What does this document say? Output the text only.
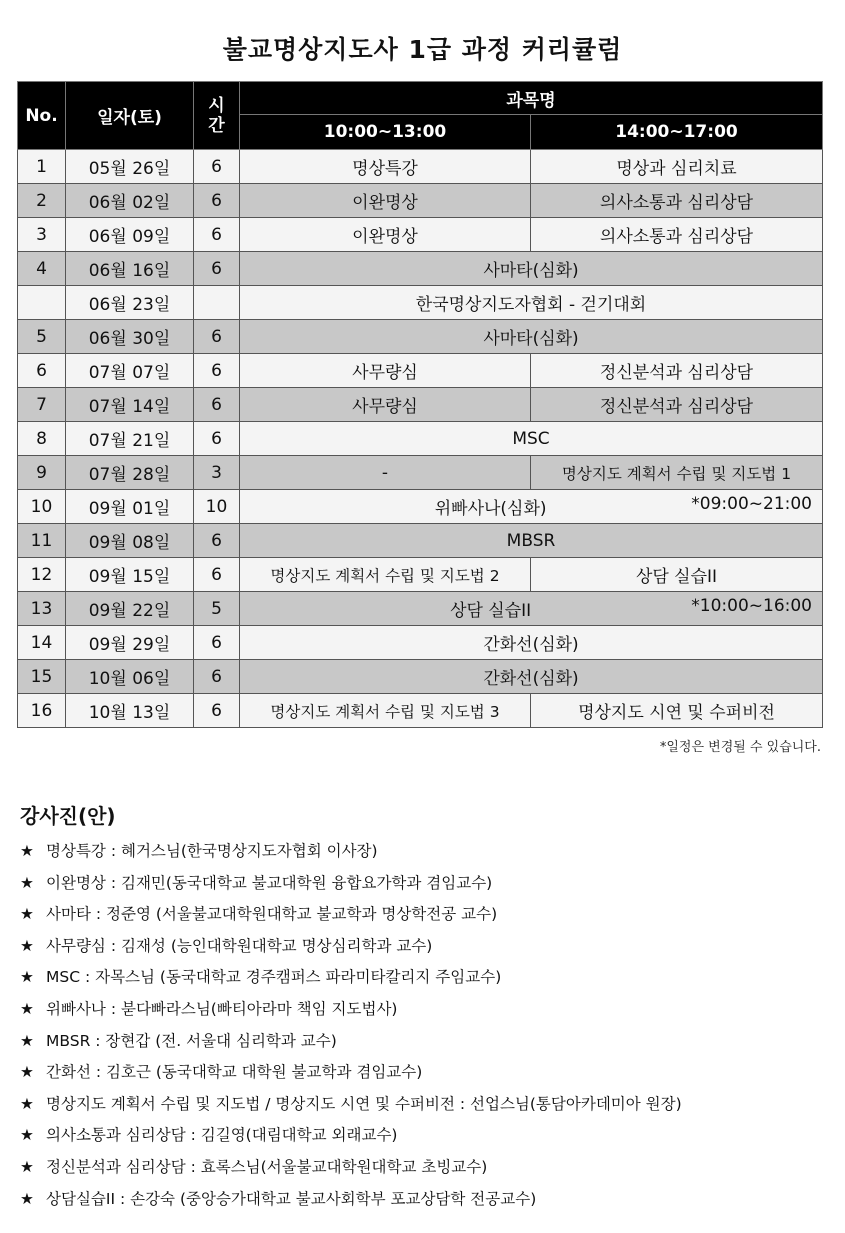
불교명상지도사 1급 과정 커리큘럼
No.	일자(토)	시간	과목명	
			10:00~13:00	14:00~17:00
1	05월 26일	6	명상특강	명상과 심리치료
2	06월 02일	6	이완명상	의사소통과 심리상담
3	06월 09일	6	이완명상	의사소통과 심리상담
4	06월 16일	6	사마타(심화)	
	06월 23일		한국명상지도자협회 - 걷기대회	
5	06월 30일	6	사마타(심화)	
6	07월 07일	6	사무량심	정신분석과 심리상담
7	07월 14일	6	사무량심	정신분석과 심리상담
8	07월 21일	6	MSC	
9	07월 28일	3	-	명상지도 계획서 수립 및 지도법 1
10	09월 01일	10	위빠사나(심화) *09:00~21:00	

11	09월 08일	6	MBSR	
12	09월 15일	6	명상지도 계획서 수립 및 지도법 2	상담 실습II
13	09월 22일	5	상담 실습II *10:00~16:00	

14	09월 29일	6	간화선(심화)	
15	10월 06일	6	간화선(심화)	
16	10월 13일	6	명상지도 계획서 수립 및 지도법 3	명상지도 시연 및 수퍼비전
*일정은 변경될 수 있습니다.
강사진(안)
★ 명상특강 : 혜거스님(한국명상지도자협회 이사장)
★ 이완명상 : 김재민(동국대학교 불교대학원 융합요가학과 겸임교수)
★ 사마타 : 정준영 (서울불교대학원대학교 불교학과 명상학전공 교수)
★ 사무량심 : 김재성 (능인대학원대학교 명상심리학과 교수)
★ MSC : 자목스님 (동국대학교 경주캠퍼스 파라미타칼리지 주임교수)
★ 위빠사나 : 붇다빠라스님(빠티아라마 책임 지도법사)
★ MBSR : 장현갑 (전. 서울대 심리학과 교수)
★ 간화선 : 김호근 (동국대학교 대학원 불교학과 겸임교수)
★ 명상지도 계획서 수립 및 지도법 / 명상지도 시연 및 수퍼비전 : 선업스님(통담아카데미아 원장)
★ 의사소통과 심리상담 : 김길영(대림대학교 외래교수)
★ 정신분석과 심리상담 : 효록스님(서울불교대학원대학교 초빙교수)
★ 상담실습II : 손강숙 (중앙승가대학교 불교사회학부 포교상담학 전공교수)
